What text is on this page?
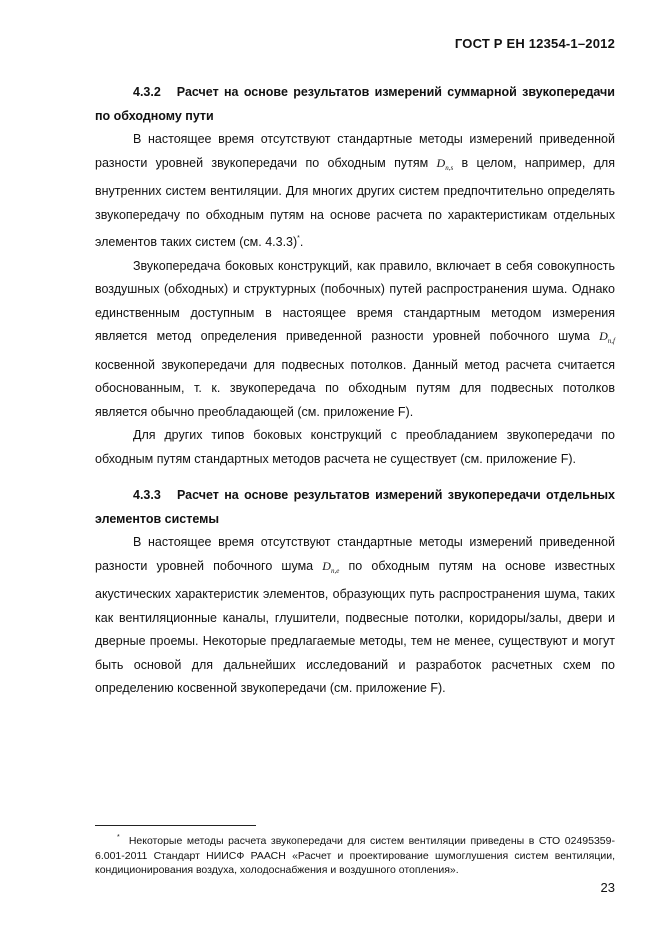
ГОСТ Р ЕН 12354-1–2012
4.3.2 Расчет на основе результатов измерений суммарной звукопередачи по обходному пути

В настоящее время отсутствуют стандартные методы измерений приведенной разности уровней звукопередачи по обходным путям $D_{n,s}$ в целом, например, для внутренних систем вентиляции. Для многих других систем предпочтительно определять звукопередачу по обходным путям на основе расчета по характеристикам отдельных элементов таких систем (см. 4.3.3)*.

Звукопередача боковых конструкций, как правило, включает в себя совокупность воздушных (обходных) и структурных (побочных) путей распространения шума. Однако единственным доступным в настоящее время стандартным методом измерения является метод определения приведенной разности уровней побочного шума $D_{n,f}$ косвенной звукопередачи для подвесных потолков. Данный метод расчета считается обоснованным, т. к. звукопередача по обходным путям для подвесных потолков является обычно преобладающей (см. приложение F).

Для других типов боковых конструкций с преобладанием звукопередачи по обходным путям стандартных методов расчета не существует (см. приложение F).

4.3.3 Расчет на основе результатов измерений звукопередачи отдельных элементов системы

В настоящее время отсутствуют стандартные методы измерений приведенной разности уровней побочного шума $D_{n,e}$ по обходным путям на основе известных акустических характеристик элементов, образующих путь распространения шума, таких как вентиляционные каналы, глушители, подвесные потолки, коридоры/залы, двери и дверные проемы. Некоторые предлагаемые методы, тем не менее, существуют и могут быть основой для дальнейших исследований и разработок расчетных схем по определению косвенной звукопередачи (см. приложение F).

* Некоторые методы расчета звукопередачи для систем вентиляции приведены в СТО 02495359-6.001-2011 Стандарт НИИСФ РААСН «Расчет и проектирование шумоглушения систем вентиляции, кондиционирования воздуха, холодоснабжения и воздушного отопления».
23
